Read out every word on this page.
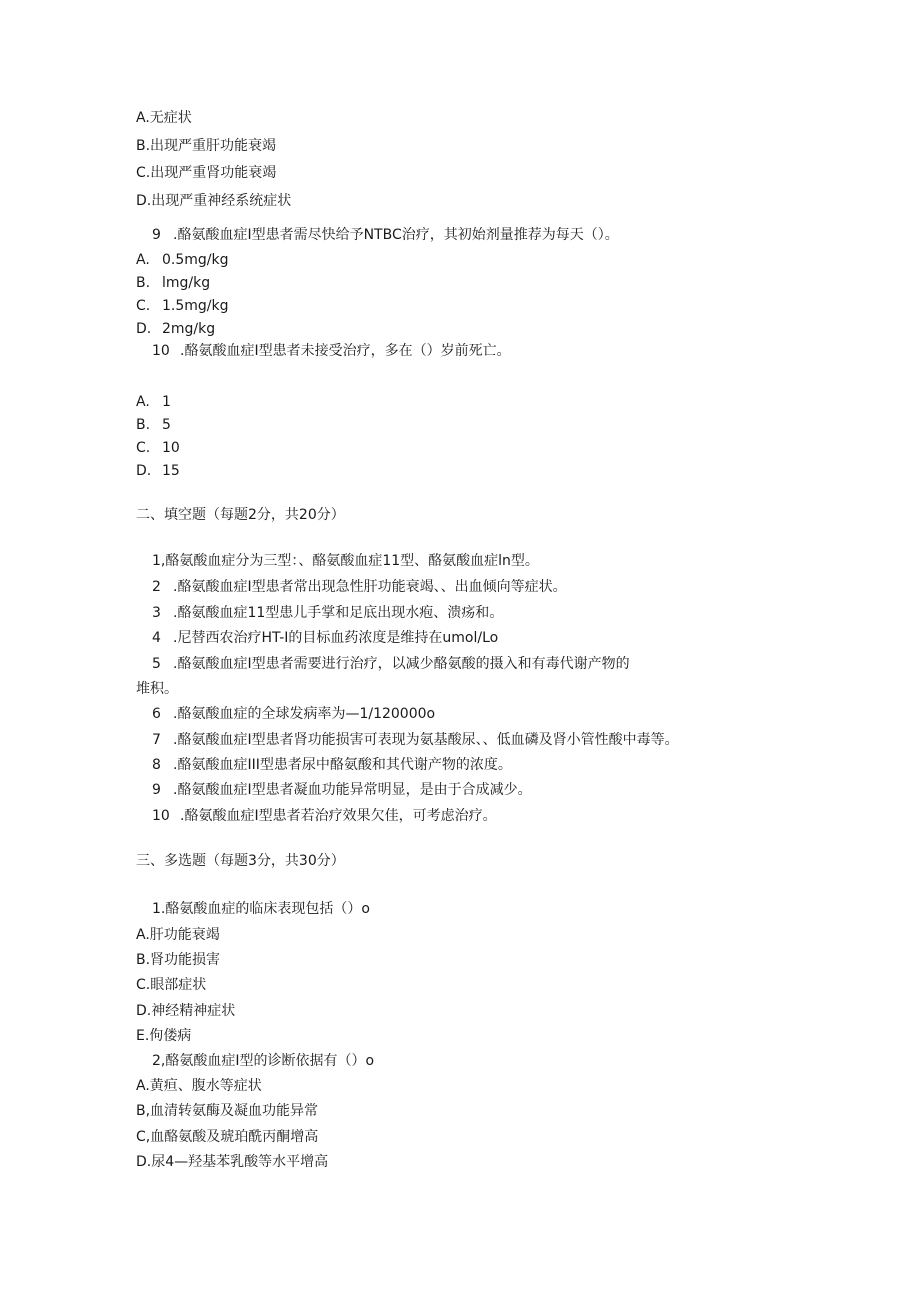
A.无症状
B.出现严重肝功能衰竭
C.出现严重肾功能衰竭
D.出现严重神经系统症状
9 .酪氨酸血症Ⅰ型患者需尽快给予NTBC治疗，其初始剂量推荐为每天（）。
A. 0.5mg∕kg
B. lmg/kg
C. 1.5mg∕kg
D. 2mg∕kg
10 .酪氨酸血症Ⅰ型患者未接受治疗，多在（）岁前死亡。
A. 1
B. 5
C. 10
D. 15
二、填空题（每题2分，共20分）
1,酪氨酸血症分为三型：、酪氨酸血症11型、酪氨酸血症ln型。
2 .酪氨酸血症Ⅰ型患者常出现急性肝功能衰竭、、出血倾向等症状。
3 .酪氨酸血症11型患儿手掌和足底出现水疱、溃疡和。
4 .尼替西农治疗HT-I的目标血药浓度是维持在umol/Lo
5 .酪氨酸血症Ⅰ型患者需要进行治疗，以减少酪氨酸的摄入和有毒代谢产物的
堆积。
6 .酪氨酸血症的全球发病率为—1/120000o
7 .酪氨酸血症Ⅰ型患者肾功能损害可表现为氨基酸尿、、低血磷及肾小管性酸中毒等。
8 .酪氨酸血症III型患者尿中酪氨酸和其代谢产物的浓度。
9 .酪氨酸血症Ⅰ型患者凝血功能异常明显，是由于合成减少。
10 .酪氨酸血症Ⅰ型患者若治疗效果欠佳，可考虑治疗。
三、多选题（每题3分，共30分）
1.酪氨酸血症的临床表现包括（）o
A.肝功能衰竭
B.肾功能损害
C.眼部症状
D.神经精神症状
E.佝偻病
2,酪氨酸血症Ⅰ型的诊断依据有（）o
A.黄疸、腹水等症状
B,血清转氨酶及凝血功能异常
C,血酪氨酸及琥珀酰丙酮增高
D.尿4—羟基苯乳酸等水平增高
